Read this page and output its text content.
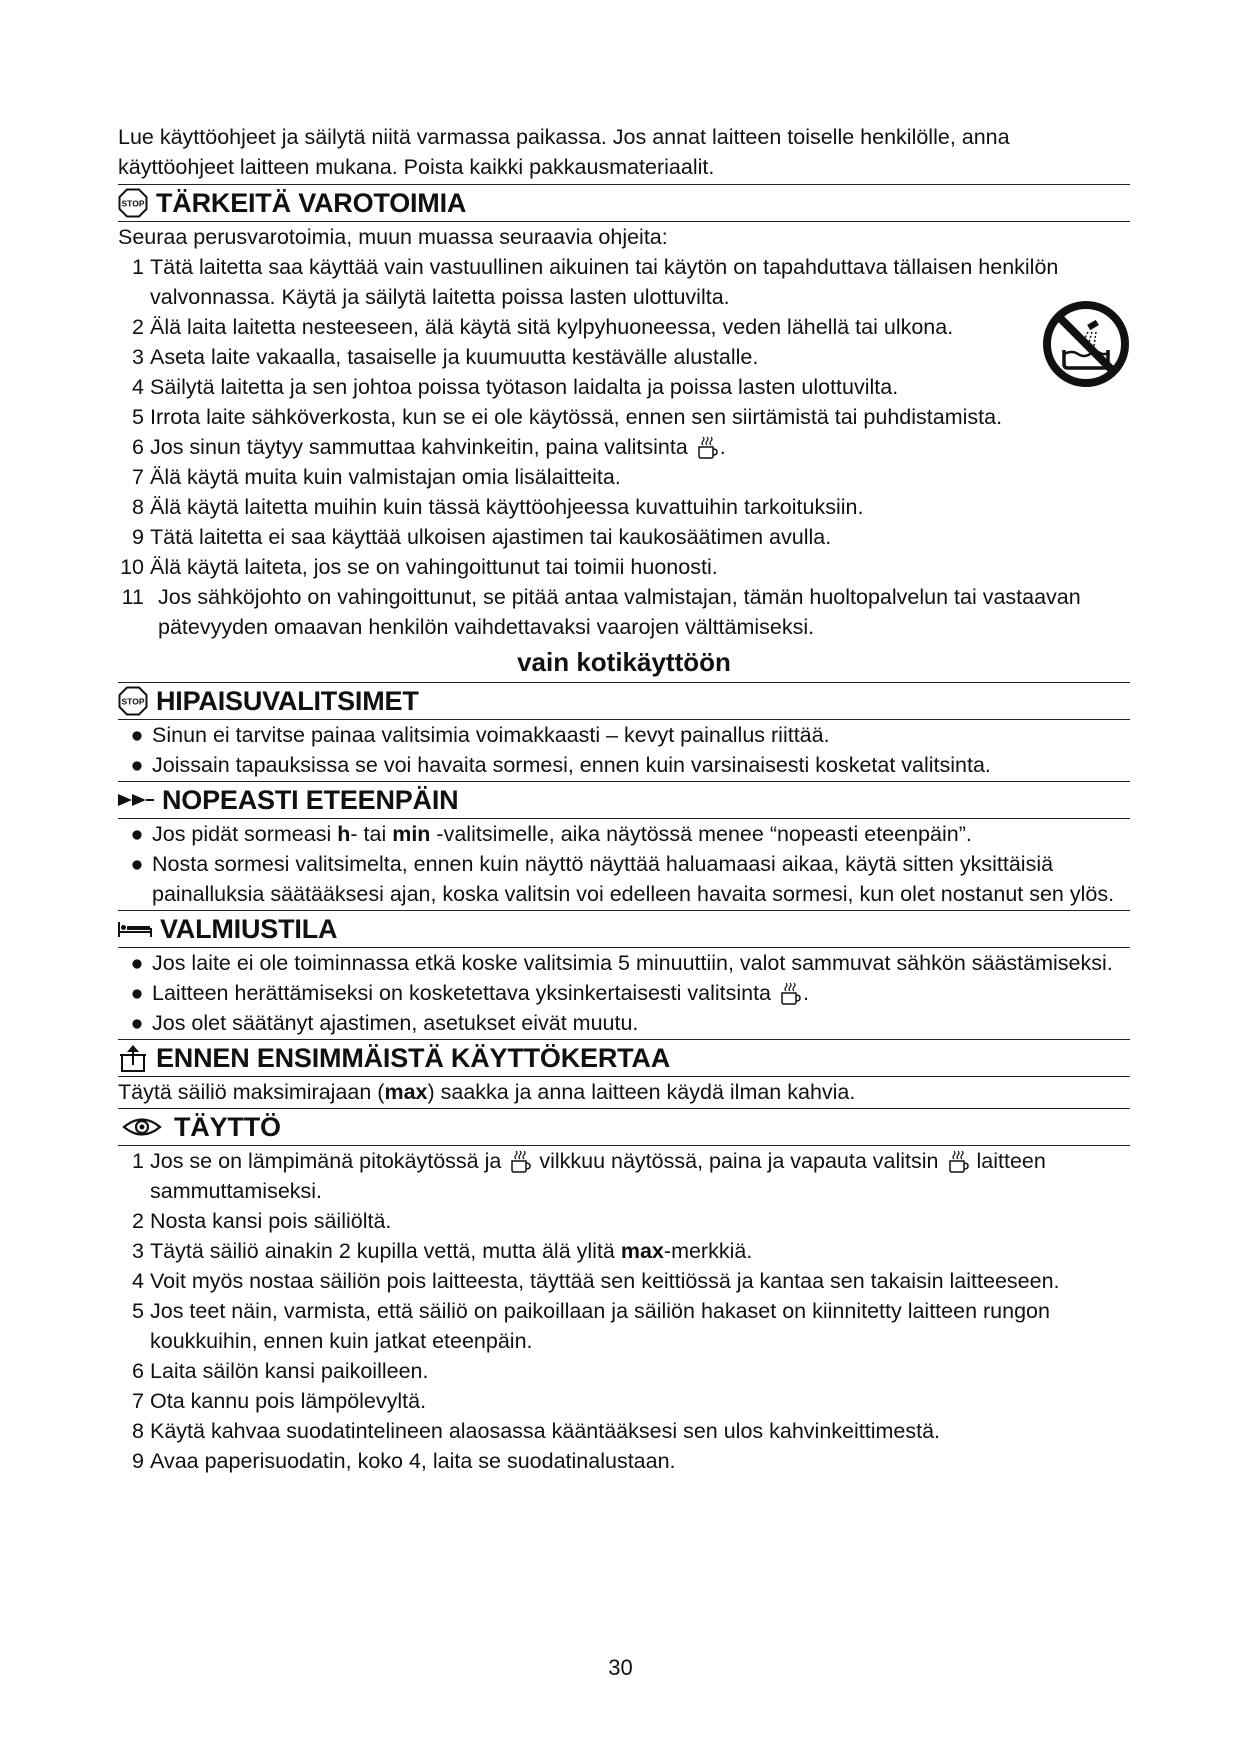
Lue käyttöohjeet ja säilytä niitä varmassa paikassa. Jos annat laitteen toiselle henkilölle, anna käyttöohjeet laitteen mukana. Poista kaikki pakkausmateriaalit.

TÄRKEITÄ VAROTOIMIA

Seuraa perusvarotoimia, muun muassa seuraavia ohjeita:

1 Tätä laitetta saa käyttää vain vastuullinen aikuinen tai käytön on tapahduttava tällaisen henkilön valvonnassa. Käytä ja säilytä laitetta poissa lasten ulottuvilta.
2 Älä laita laitetta nesteeseen, älä käytä sitä kylpyhuoneessa, veden lähellä tai ulkona.
3 Aseta laite vakaalla, tasaiselle ja kuumuutta kestävälle alustalle.
4 Säilytä laitetta ja sen johtoa poissa työtason laidalta ja poissa lasten ulottuvilta.
5 Irrota laite sähköverkosta, kun se ei ole käytössä, ennen sen siirtämistä tai puhdistamista.
6 Jos sinun täytyy sammuttaa kahvinkeitin, paina valitsinta .
7 Älä käytä muita kuin valmistajan omia lisälaitteita.
8 Älä käytä laitetta muihin kuin tässä käyttöohjeessa kuvattuihin tarkoituksiin.
9 Tätä laitetta ei saa käyttää ulkoisen ajastimen tai kaukosäätimen avulla.
10 Älä käytä laiteta, jos se on vahingoittunut tai toimii huonosti.
11 Jos sähköjohto on vahingoittunut, se pitää antaa valmistajan, tämän huoltopalvelun tai vastaavan pätevyyden omaavan henkilön vaihdettavaksi vaarojen välttämiseksi.
vain kotikäyttöön
HIPAISUVALITSIMET
● Sinun ei tarvitse painaa valitsimia voimakkaasti – kevyt painallus riittää.
● Joissain tapauksissa se voi havaita sormesi, ennen kuin varsinaisesti kosketat valitsinta.
NOPEASTI ETEENPÄIN
● Jos pidät sormeasi h- tai min -valitsimelle, aika näytössä menee “nopeasti eteenpäin”.
● Nosta sormesi valitsimelta, ennen kuin näyttö näyttää haluamaasi aikaa, käytä sitten yksittäisiä painalluksia säätääksesi ajan, koska valitsin voi edelleen havaita sormesi, kun olet nostanut sen ylös.
VALMIUSTILA
● Jos laite ei ole toiminnassa etkä koske valitsimia 5 minuuttiin, valot sammuvat sähkön säästämiseksi.
● Laitteen herättämiseksi on kosketettava yksinkertaisesti valitsinta .
● Jos olet säätänyt ajastimen, asetukset eivät muutu.
ENNEN ENSIMMÄISTÄ KÄYTTÖKERTAA

Täytä säiliö maksimirajaan (max) saakka ja anna laitteen käydä ilman kahvia.

TÄYTTÖ
1 Jos se on lämpimänä pitokäytössä ja vilkkuu näytössä, paina ja vapauta valitsin laitteen sammuttamiseksi.
2 Nosta kansi pois säiliöltä.
3 Täytä säiliö ainakin 2 kupilla vettä, mutta älä ylitä max-merkkiä.
4 Voit myös nostaa säiliön pois laitteesta, täyttää sen keittiössä ja kantaa sen takaisin laitteeseen.
5 Jos teet näin, varmista, että säiliö on paikoillaan ja säiliön hakaset on kiinnitetty laitteen rungon koukkuihin, ennen kuin jatkat eteenpäin.
6 Laita säilön kansi paikoilleen.
7 Ota kannu pois lämpölevyltä.
8 Käytä kahvaa suodatintelineen alaosassa kääntääksesi sen ulos kahvinkeittimestä.
9 Avaa paperisuodatin, koko 4, laita se suodatinalustaan.
30
